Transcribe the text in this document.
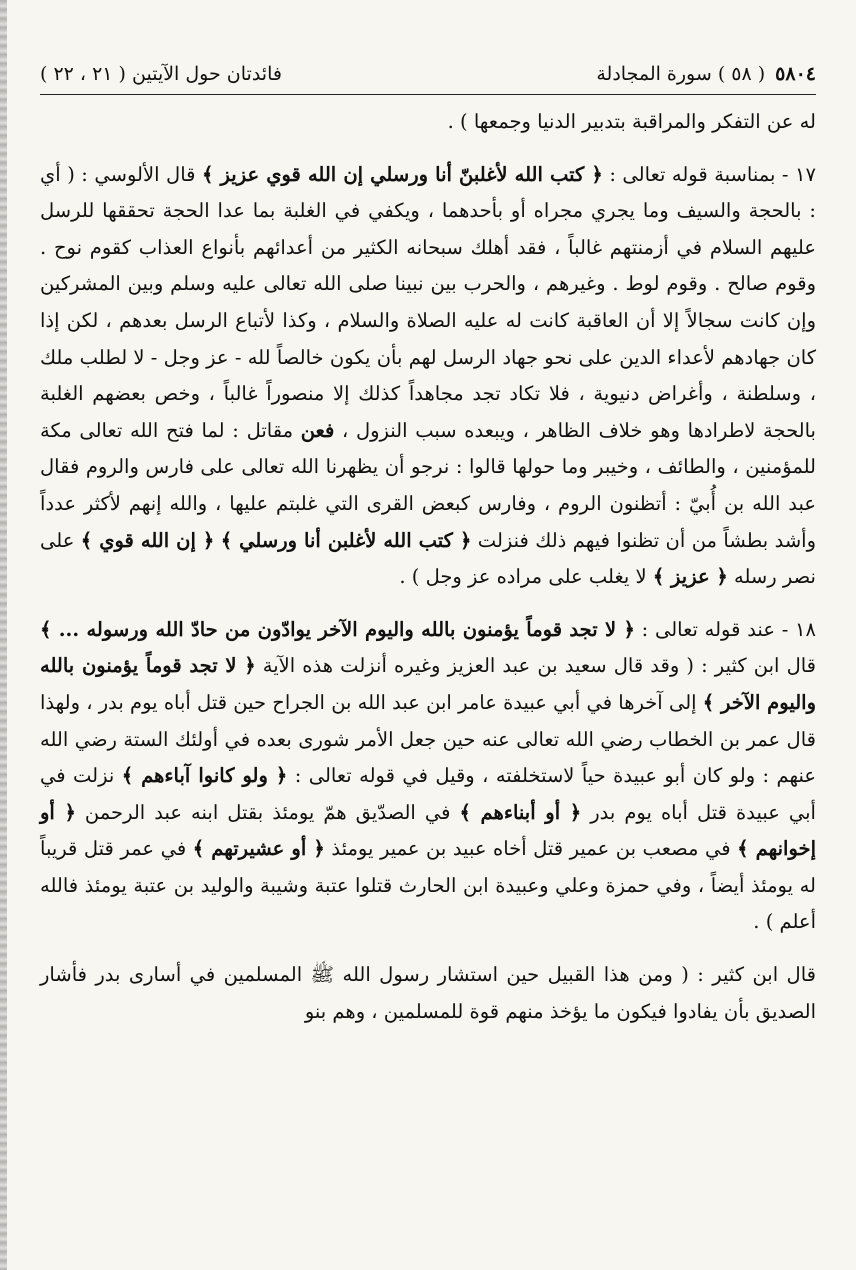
٥٨٠٤( ٥٨ ) سورة المجادلة
فائدتان حول الآيتين ( ٢١ ، ٢٢ )

له عن التفكر والمراقبة بتدبير الدنيا وجمعها ) .

١٧ - بمناسبة قوله تعالى : ﴿ كتب الله لأغلبنّ أنا ورسلي إن الله قوي عزيز ﴾ قال الألوسي : ( أي : بالحجة والسيف وما يجري مجراه أو بأحدهما ، ويكفي في الغلبة بما عدا الحجة تحققها للرسل عليهم السلام في أزمنتهم غالباً ، فقد أهلك سبحانه الكثير من أعدائهم بأنواع العذاب كقوم نوح . وقوم صالح . وقوم لوط . وغيرهم ، والحرب بين نبينا صلى الله تعالى عليه وسلم وبين المشركين وإن كانت سجالاً إلا أن العاقبة كانت له عليه الصلاة والسلام ، وكذا لأتباع الرسل بعدهم ، لكن إذا كان جهادهم لأعداء الدين على نحو جهاد الرسل لهم بأن يكون خالصاً لله - عز وجل - لا لطلب ملك ، وسلطنة ، وأغراض دنيوية ، فلا تكاد تجد مجاهداً كذلك إلا منصوراً غالباً ، وخص بعضهم الغلبة بالحجة لاطرادها وهو خلاف الظاهر ، ويبعده سبب النزول ، فعن مقاتل : لما فتح الله تعالى مكة للمؤمنين ، والطائف ، وخيبر وما حولها قالوا : نرجو أن يظهرنا الله تعالى على فارس والروم فقال عبد الله بن أُبيّ : أتظنون الروم ، وفارس كبعض القرى التي غلبتم عليها ، والله إنهم لأكثر عدداً وأشد بطشاً من أن تظنوا فيهم ذلك فنزلت ﴿ كتب الله لأغلبن أنا ورسلي ﴾ ﴿ إن الله قوي ﴾ على نصر رسله ﴿ عزيز ﴾ لا يغلب على مراده عز وجل ) .

١٨ - عند قوله تعالى : ﴿ لا تجد قوماً يؤمنون بالله واليوم الآخر يوادّون من حادّ الله ورسوله ... ﴾ قال ابن كثير : ( وقد قال سعيد بن عبد العزيز وغيره أنزلت هذه الآية ﴿ لا تجد قوماً يؤمنون بالله واليوم الآخر ﴾ إلى آخرها في أبي عبيدة عامر ابن عبد الله بن الجراح حين قتل أباه يوم بدر ، ولهذا قال عمر بن الخطاب رضي الله تعالى عنه حين جعل الأمر شورى بعده في أولئك الستة رضي الله عنهم : ولو كان أبو عبيدة حياً لاستخلفته ، وقيل في قوله تعالى : ﴿ ولو كانوا آباءهم ﴾ نزلت في أبي عبيدة قتل أباه يوم بدر ﴿ أو أبناءهم ﴾ في الصدّيق همّ يومئذ بقتل ابنه عبد الرحمن ﴿ أو إخوانهم ﴾ في مصعب بن عمير قتل أخاه عبيد بن عمير يومئذ ﴿ أو عشيرتهم ﴾ في عمر قتل قريباً له يومئذ أيضاً ، وفي حمزة وعلي وعبيدة ابن الحارث قتلوا عتبة وشيبة والوليد بن عتبة يومئذ فالله أعلم ) .

قال ابن كثير : ( ومن هذا القبيل حين استشار رسول الله ﷺ المسلمين في أسارى بدر فأشار الصديق بأن يفادوا فيكون ما يؤخذ منهم قوة للمسلمين ، وهم بنو
